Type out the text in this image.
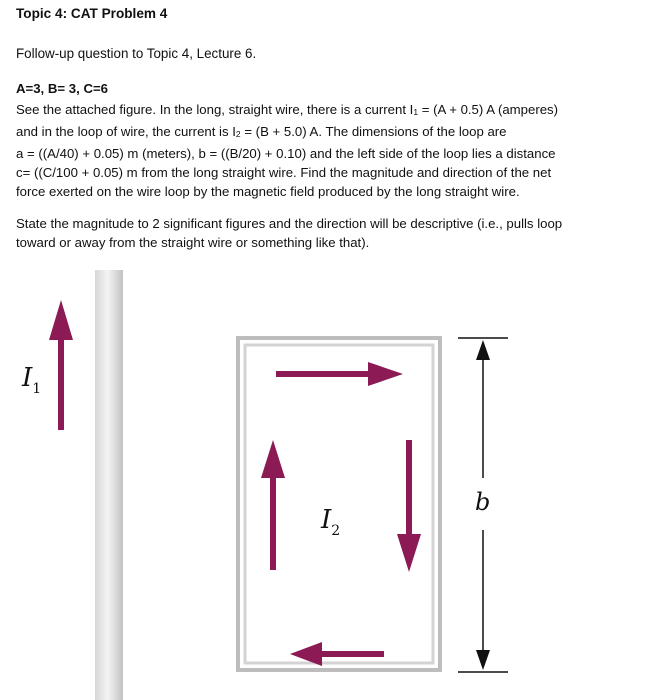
Topic 4: CAT Problem 4
Follow-up question to Topic 4, Lecture 6.
A=3, B= 3, C=6
See the attached figure. In the long, straight wire, there is a current $I_1 = (A + 0.5)$ A (amperes)
and in the loop of wire, the current is $I_2 = (B + 5.0)$ A. The dimensions of the loop are
a = ((A/40) + 0.05) m (meters), b = ((B/20) + 0.10) and the left side of the loop lies a distance
c= ((C/100 + 0.05) m from the long straight wire. Find the magnitude and direction of the net
force exerted on the wire loop by the magnetic field produced by the long straight wire.
State the magnitude to 2 significant figures and the direction will be descriptive (i.e., pulls loop
toward or away from the straight wire or something like that).
$I_1$
$I_2$
b
